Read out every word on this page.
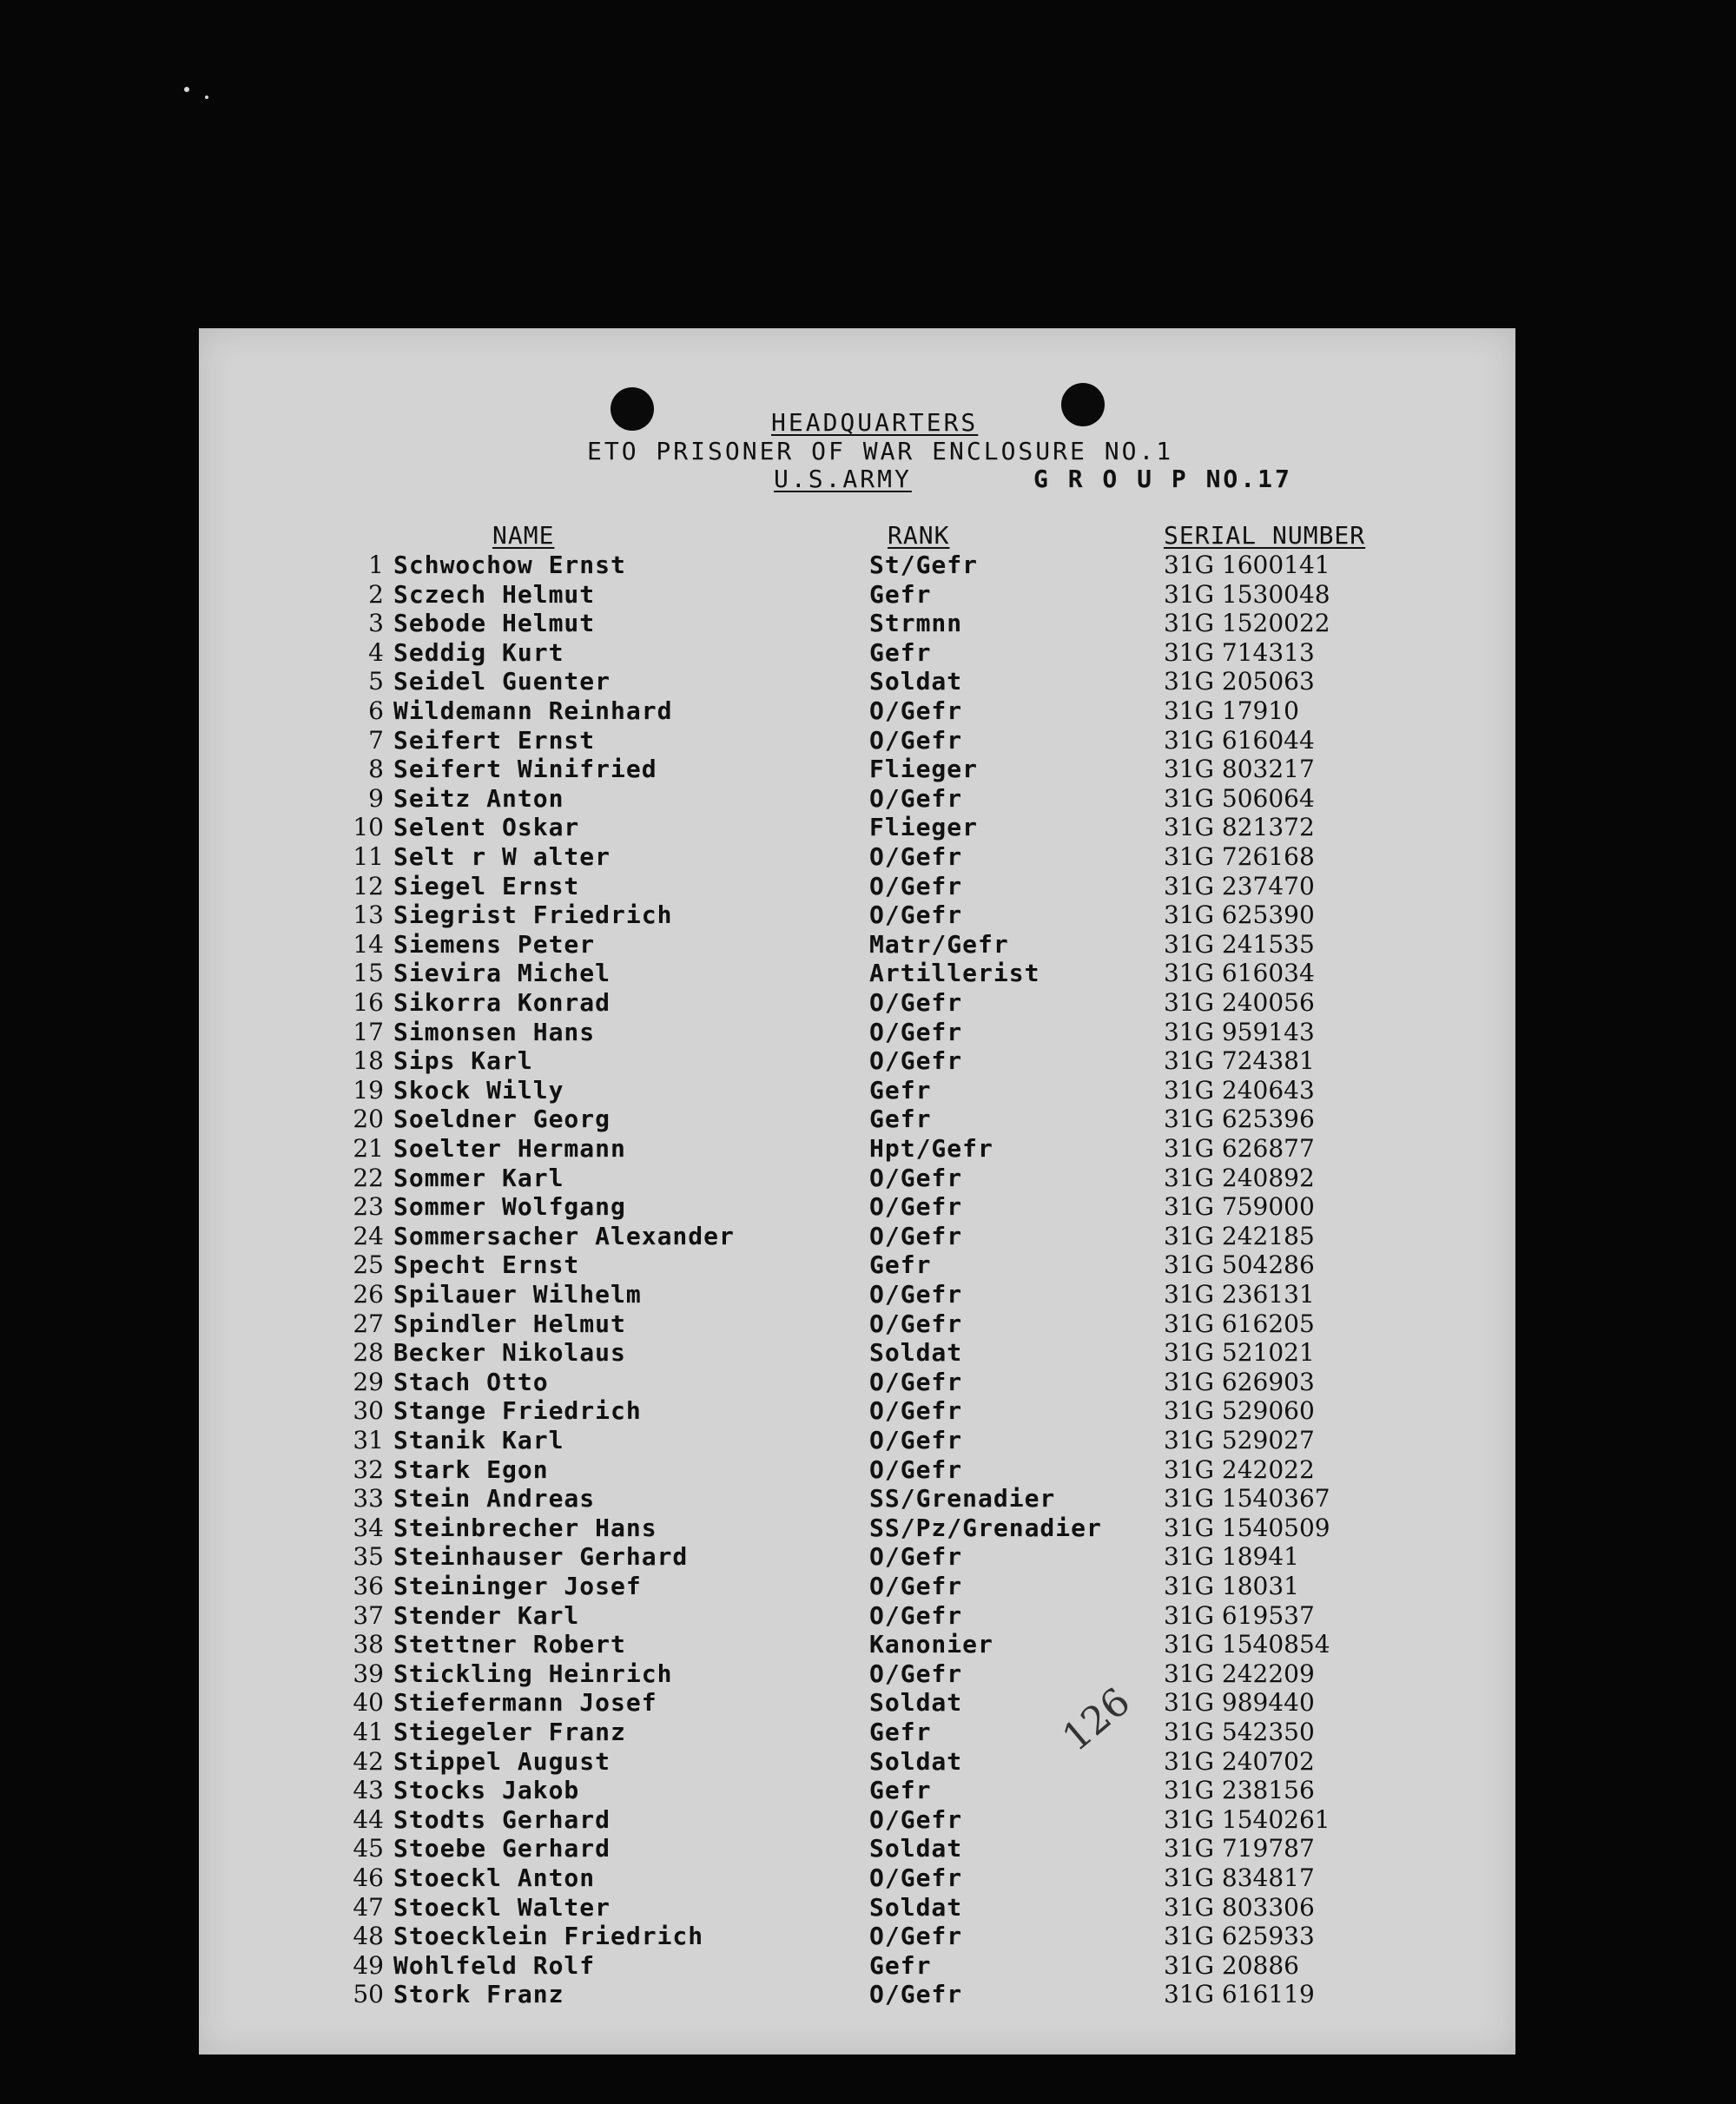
HEADQUARTERS
ETO PRISONER OF WAR ENCLOSURE NO.1
U.S.ARMY	G R O U P NO.17
NAME	RANK	SERIAL NUMBER
1 Schwochow Ernst	St/Gefr	31G 1600141
2 Sczech Helmut	Gefr	31G 1530048
3 Sebode Helmut	Strmnn	31G 1520022
4 Seddig Kurt	Gefr	31G 714313
5 Seidel Guenter	Soldat	31G 205063
6 Wildemann Reinhard	O/Gefr	31G 17910
7 Seifert Ernst	O/Gefr	31G 616044
8 Seifert Winifried	Flieger	31G 803217
9 Seitz Anton	O/Gefr	31G 506064
10 Selent Oskar	Flieger	31G 821372
11 Selt r W alter	O/Gefr	31G 726168
12 Siegel Ernst	O/Gefr	31G 237470
13 Siegrist Friedrich	O/Gefr	31G 625390
14 Siemens Peter	Matr/Gefr	31G 241535
15 Sievira Michel	Artillerist	31G 616034
16 Sikorra Konrad	O/Gefr	31G 240056
17 Simonsen Hans	O/Gefr	31G 959143
18 Sips Karl	O/Gefr	31G 724381
19 Skock Willy	Gefr	31G 240643
20 Soeldner Georg	Gefr	31G 625396
21 Soelter Hermann	Hpt/Gefr	31G 626877
22 Sommer Karl	O/Gefr	31G 240892
23 Sommer Wolfgang	O/Gefr	31G 759000
24 Sommersacher Alexander	O/Gefr	31G 242185
25 Specht Ernst	Gefr	31G 504286
26 Spilauer Wilhelm	O/Gefr	31G 236131
27 Spindler Helmut	O/Gefr	31G 616205
28 Becker Nikolaus	Soldat	31G 521021
29 Stach Otto	O/Gefr	31G 626903
30 Stange Friedrich	O/Gefr	31G 529060
31 Stanik Karl	O/Gefr	31G 529027
32 Stark Egon	O/Gefr	31G 242022
33 Stein Andreas	SS/Grenadier	31G 1540367
34 Steinbrecher Hans	SS/Pz/Grenadier	31G 1540509
35 Steinhauser Gerhard	O/Gefr	31G 18941
36 Steininger Josef	O/Gefr	31G 18031
37 Stender Karl	O/Gefr	31G 619537
38 Stettner Robert	Kanonier	31G 1540854
39 Stickling Heinrich	O/Gefr	31G 242209
40 Stiefermann Josef	Soldat	31G 989440
41 Stiegeler Franz	Gefr	31G 542350
42 Stippel August	Soldat	31G 240702
43 Stocks Jakob	Gefr	31G 238156
44 Stodts Gerhard	O/Gefr	31G 1540261
45 Stoebe Gerhard	Soldat	31G 719787
46 Stoeckl Anton	O/Gefr	31G 834817
47 Stoeckl Walter	Soldat	31G 803306
48 Stoecklein Friedrich	O/Gefr	31G 625933
49 Wohlfeld Rolf	Gefr	31G 20886
50 Stork Franz	O/Gefr	31G 616119
126
